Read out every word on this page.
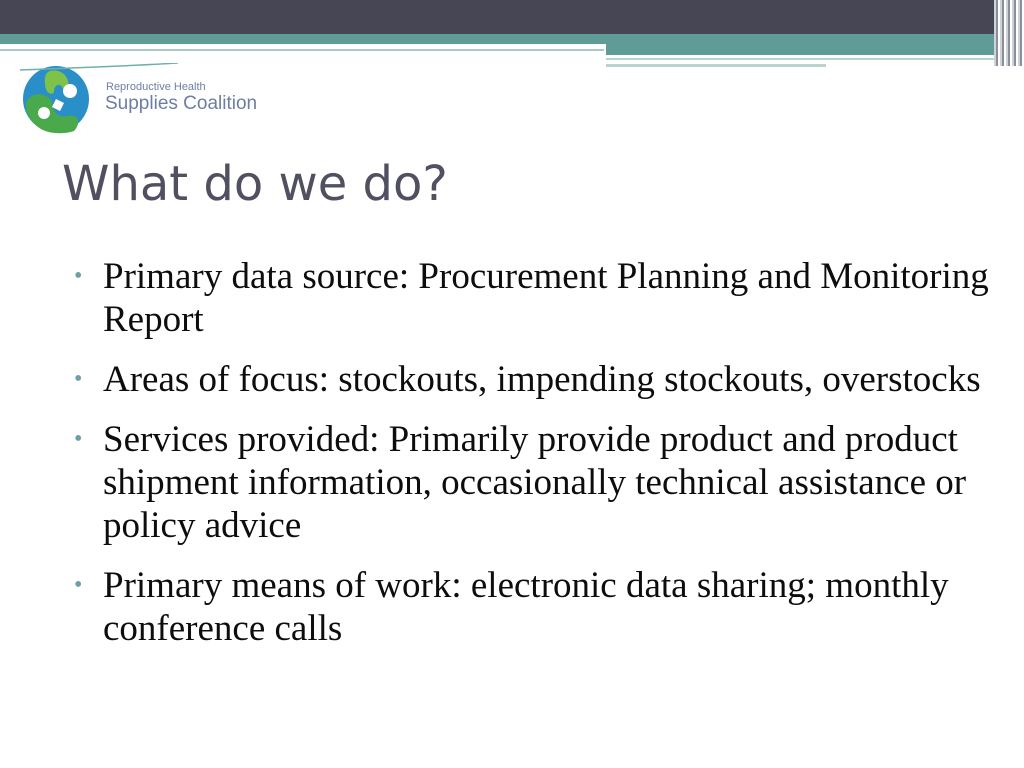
Reproductive Health
Supplies Coalition
What do we do?
• Primary data source: Procurement Planning and Monitoring Report
• Areas of focus: stockouts, impending stockouts, overstocks
• Services provided: Primarily provide product and product shipment information, occasionally technical assistance or policy advice
• Primary means of work: electronic data sharing; monthly conference calls
